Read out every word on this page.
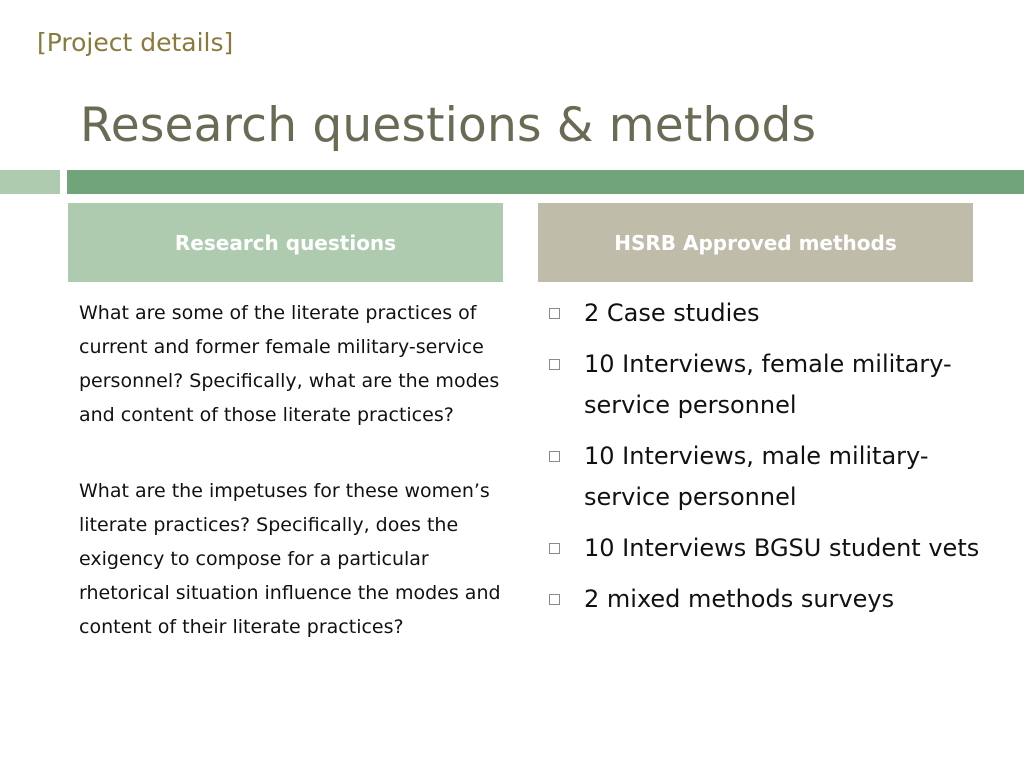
[Project details]
Research questions & methods
Research questions	HSRB Approved methods

What are some of the literate practices of current and former female military-service personnel? Specifically, what are the modes and content of those literate practices?

What are the impetuses for these women’s literate practices? Specifically, does the exigency to compose for a particular rhetorical situation influence the modes and content of their literate practices?

2 Case studies
10 Interviews, female military-service personnel
10 Interviews, male military-service personnel
10 Interviews BGSU student vets
2 mixed methods surveys
